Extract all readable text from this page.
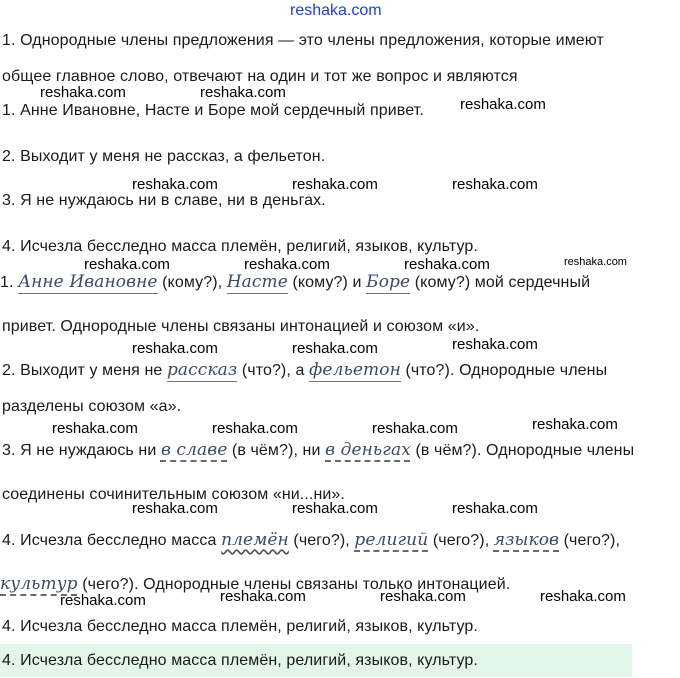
reshaka.com
1. Однородные члены предложения — это члены предложения, которые имеют
общее главное слово, отвечают на один и тот же вопрос и являются
1. Анне Ивановне, Насте и Боре мой сердечный привет.
2. Выходит у меня не рассказ, а фельетон.
3. Я не нуждаюсь ни в славе, ни в деньгах.
4. Исчезла бесследно масса племён, религий, языков, культур.
1. Анне Ивановне (кому?), Насте (кому?) и Боре (кому?) мой сердечный
привет. Однородные члены связаны интонацией и союзом «и».
2. Выходит у меня не рассказ (что?), а фельетон (что?). Однородные члены
разделены союзом «а».
3. Я не нуждаюсь ни в славе (в чём?), ни в деньгах (в чём?). Однородные члены
соединены сочинительным союзом «ни...ни».
4. Исчезла бесследно масса племён (чего?), религий (чего?), языков (чего?),
культур (чего?). Однородные члены связаны только интонацией.
4. Исчезла бесследно масса племён, религий, языков, культур.
4. Исчезла бесследно масса племён, религий, языков, культур.
reshaka.com	reshaka.com
reshaka.com
reshaka.com	reshaka.com	reshaka.com
reshaka.com	reshaka.com	reshaka.com	reshaka.com
reshaka.com	reshaka.com	reshaka.com
reshaka.com	reshaka.com	reshaka.com	reshaka.com
reshaka.com	reshaka.com	reshaka.com
reshaka.com	reshaka.com	reshaka.com	reshaka.com
